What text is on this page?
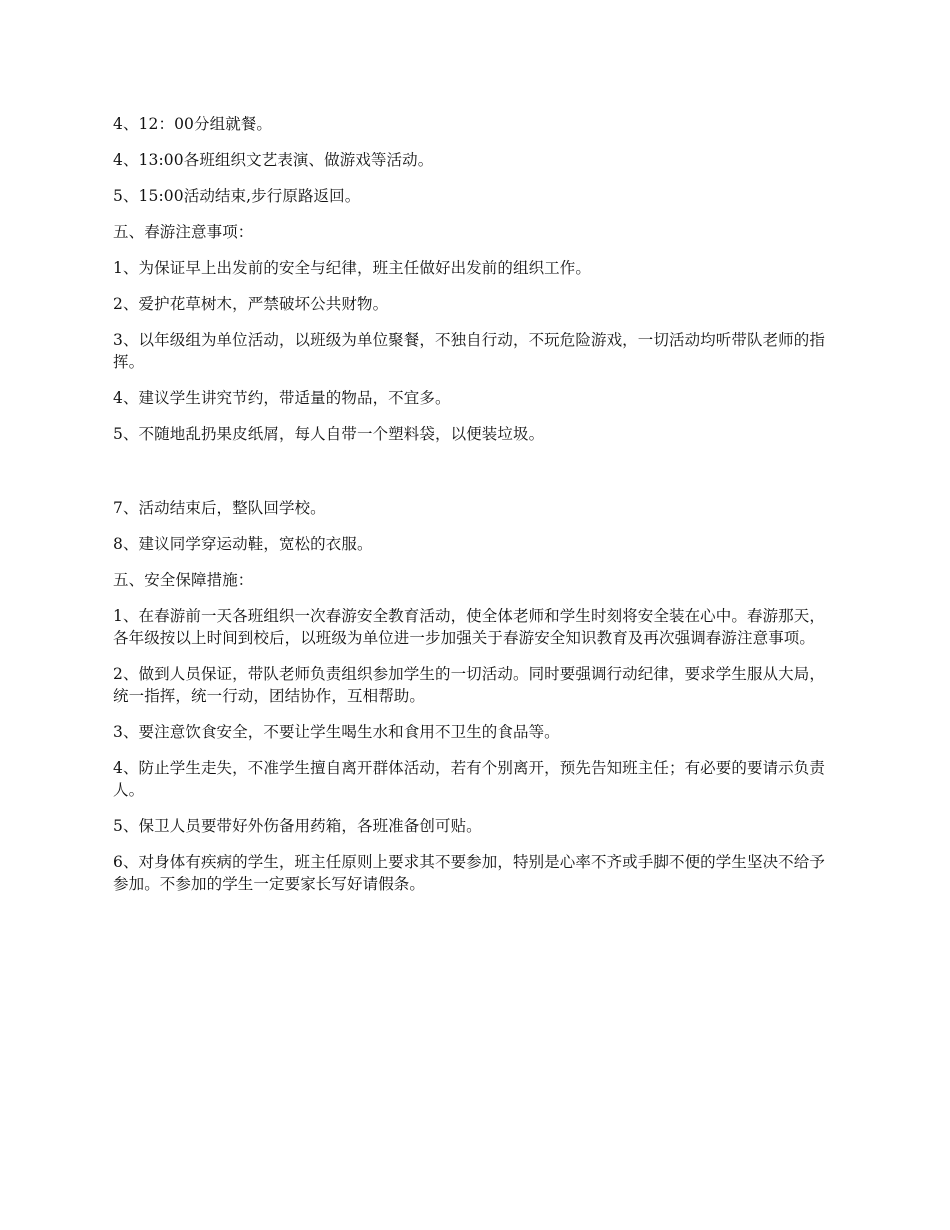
4、12：00分组就餐。

4、13:00各班组织文艺表演、做游戏等活动。

5、15:00活动结束,步行原路返回。

五、春游注意事项：

1、为保证早上出发前的安全与纪律，班主任做好出发前的组织工作。

2、爱护花草树木，严禁破坏公共财物。

3、以年级组为单位活动，以班级为单位聚餐，不独自行动，不玩危险游戏，一切活动均听带队老师的指挥。

4、建议学生讲究节约，带适量的物品，不宜多。

5、不随地乱扔果皮纸屑，每人自带一个塑料袋，以便装垃圾。

7、活动结束后，整队回学校。

8、建议同学穿运动鞋，宽松的衣服。

五、安全保障措施：

1、在春游前一天各班组织一次春游安全教育活动，使全体老师和学生时刻将安全装在心中。春游那天，各年级按以上时间到校后，以班级为单位进一步加强关于春游安全知识教育及再次强调春游注意事项。

2、做到人员保证，带队老师负责组织参加学生的一切活动。同时要强调行动纪律，要求学生服从大局，统一指挥，统一行动，团结协作，互相帮助。

3、要注意饮食安全，不要让学生喝生水和食用不卫生的食品等。

4、防止学生走失，不准学生擅自离开群体活动，若有个别离开，预先告知班主任；有必要的要请示负责人。

5、保卫人员要带好外伤备用药箱，各班准备创可贴。

6、对身体有疾病的学生，班主任原则上要求其不要参加，特别是心率不齐或手脚不便的学生坚决不给予参加。不参加的学生一定要家长写好请假条。
